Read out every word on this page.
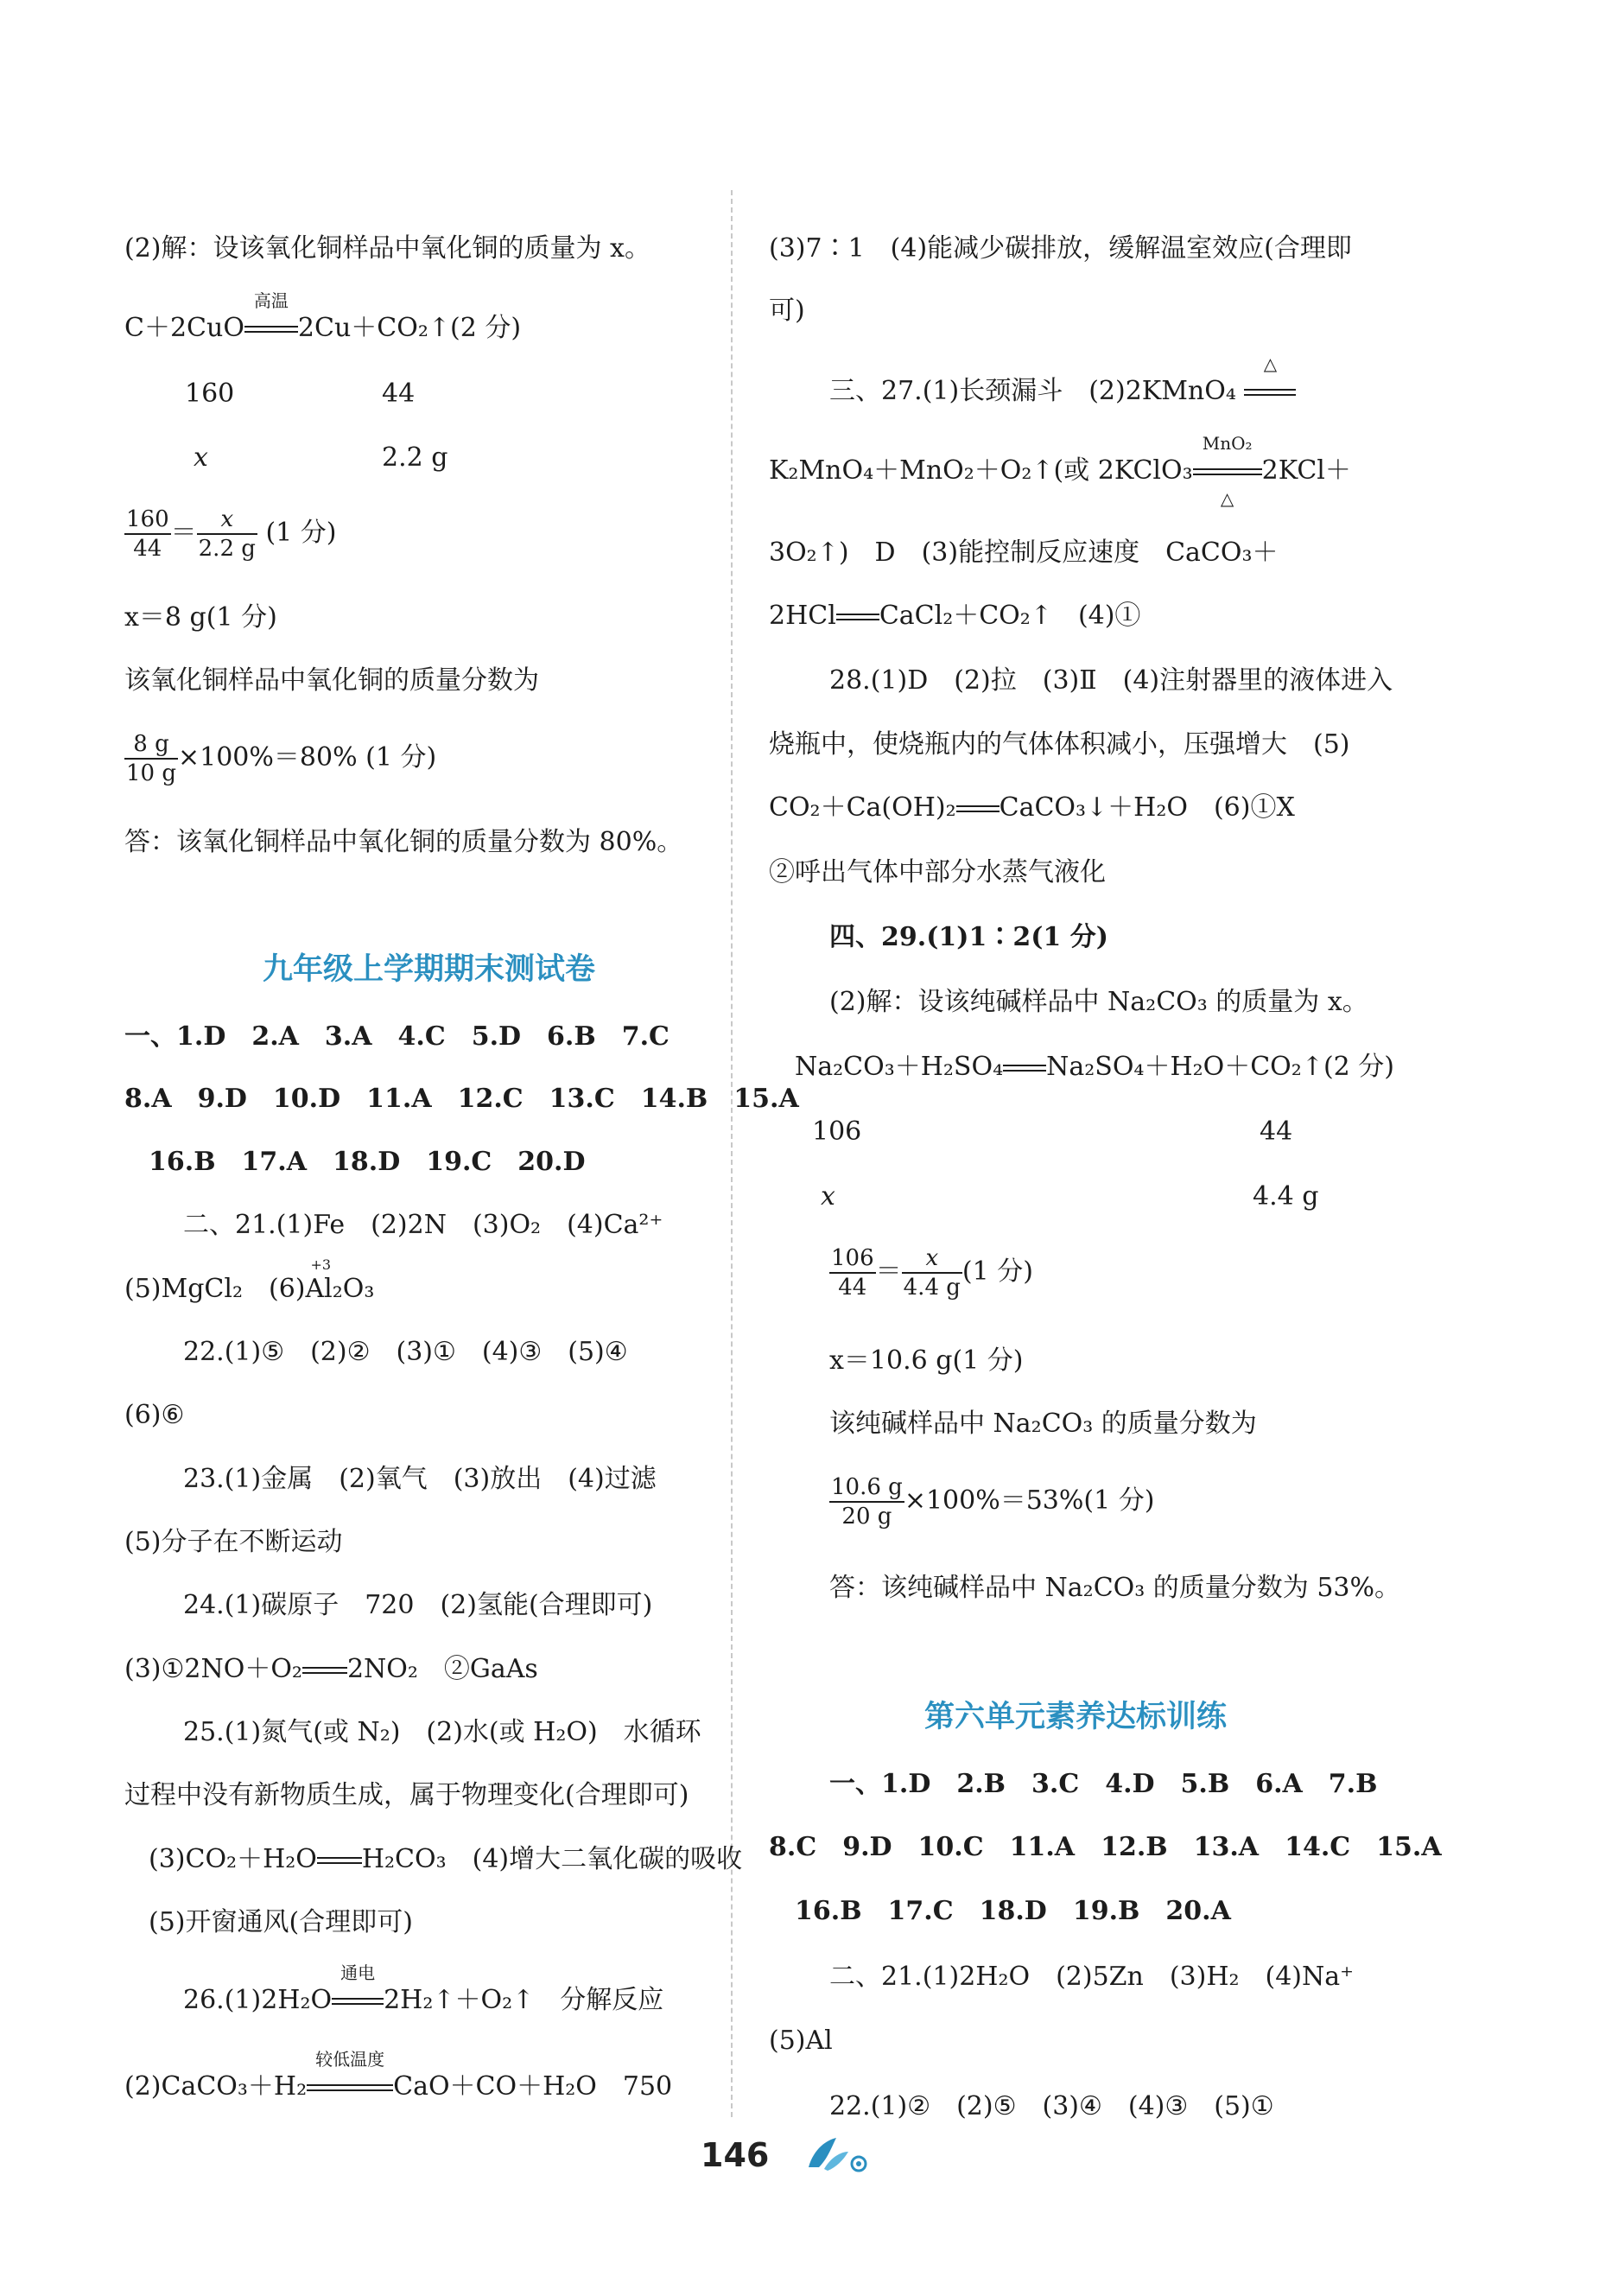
(2)解：设该氧化铜样品中氧化铜的质量为 x。
C＋2CuO
高温
2Cu＋CO₂↑(2 分)
160	44
x	2.2 g
$\frac{160}{44} = \frac{x}{2.2 g} (1$ 分)
x＝8 g(1 分)
该氧化铜样品中氧化铜的质量分数为
$\frac{8 g}{10 g} \times 100\%=80\%$ (1 分)
答：该氧化铜样品中氧化铜的质量分数为 80%。
九年级上学期期末测试卷
一、1.D　2.A　3.A　4.C　5.D　6.B　7.C
8.A　9.D　10.D　11.A　12.C　13.C　14.B　15.A
16.B　17.A　18.D　19.C　20.D
二、21.(1)Fe　(2)2N　(3)O₂　(4)Ca²⁺
(5)MgCl₂　(6)
+3
Al₂O₃
22.(1)⑤　(2)②　(3)①　(4)③　(5)④
(6)⑥
23.(1)金属　(2)氧气　(3)放出　(4)过滤
(5)分子在不断运动
24.(1)碳原子　720　(2)氢能(合理即可)
(3)①2NO＋O₂ 2NO₂　②GaAs
25.(1)氮气(或 N₂)　(2)水(或 H₂O)　水循环
过程中没有新物质生成，属于物理变化(合理即可)
(3)CO₂＋H₂O H₂CO₃　(4)增大二氧化碳的吸收
(5)开窗通风(合理即可)
26.(1)2H₂O
通电
2H₂↑＋O₂↑　分解反应
(2)CaCO₃＋H₂
较低温度
CaO＋CO＋H₂O　750
(3)7∶1　(4)能减少碳排放，缓解温室效应(合理即
可)
三、27.(1)长颈漏斗　(2)2KMnO₄
△
K₂MnO₄＋MnO₂＋O₂↑(或 2KClO₃
MnO₂
△
2KCl＋
3O₂↑)　D　(3)能控制反应速度　CaCO₃＋
2HCl CaCl₂＋CO₂↑　(4)①
28.(1)D　(2)拉　(3)Ⅱ　(4)注射器里的液体进入
烧瓶中，使烧瓶内的气体体积减小，压强增大　(5)
CO₂＋Ca(OH)₂ CaCO₃↓＋H₂O　(6)①X
②呼出气体中部分水蒸气液化
四、29.(1)1∶2(1 分)
(2)解：设该纯碱样品中 Na₂CO₃ 的质量为 x。
Na₂CO₃＋H₂SO₄ Na₂SO₄＋H₂O＋CO₂↑(2 分)
106	44
x	4.4 g
$\frac{106}{44} = \frac{x}{4.4 g} (1$ 分)
x＝10.6 g(1 分)
该纯碱样品中 Na₂CO₃ 的质量分数为
$\frac{10.6 g}{20 g} \times 100\%=53\%(1$ 分)
答：该纯碱样品中 Na₂CO₃ 的质量分数为 53%。
第六单元素养达标训练
一、1.D　2.B　3.C　4.D　5.B　6.A　7.B
8.C　9.D　10.C　11.A　12.B　13.A　14.C　15.A
16.B　17.C　18.D　19.B　20.A
二、21.(1)2H₂O　(2)5Zn　(3)H₂　(4)Na⁺
(5)Al
22.(1)②　(2)⑤　(3)④　(4)③　(5)①
146
